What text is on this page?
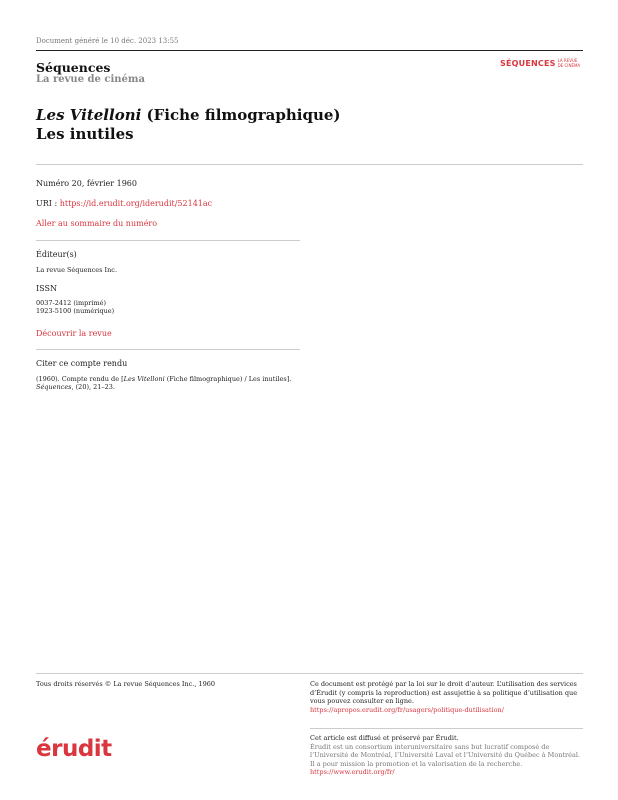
Document généré le 10 déc. 2023 13:55
Séquences
La revue de cinéma
SÉQUENCES LA REVUE
DE CINÉMA
Les Vitelloni (Fiche filmographique)
Les inutiles
Numéro 20, février 1960
URI : https://id.erudit.org/iderudit/52141ac
Aller au sommaire du numéro
Éditeur(s)
La revue Séquences Inc.
ISSN
0037-2412 (imprimé)
1923-5100 (numérique)
Découvrir la revue
Citer ce compte rendu
(1960). Compte rendu de [Les Vitelloni (Fiche filmographique) / Les inutiles].
Séquences, (20), 21–23.
Tous droits réservés © La revue Séquences Inc., 1960	Ce document est protégé par la loi sur le droit d’auteur. L’utilisation des services d’Érudit (y compris la reproduction) est assujettie à sa politique d’utilisation que vous pouvez consulter en ligne.
https://apropos.erudit.org/fr/usagers/politique-dutilisation/
érudit	Cet article est diffusé et préservé par Érudit.
Érudit est un consortium interuniversitaire sans but lucratif composé de l’Université de Montréal, l’Université Laval et l’Université du Québec à Montréal. Il a pour mission la promotion et la valorisation de la recherche.
https://www.erudit.org/fr/
